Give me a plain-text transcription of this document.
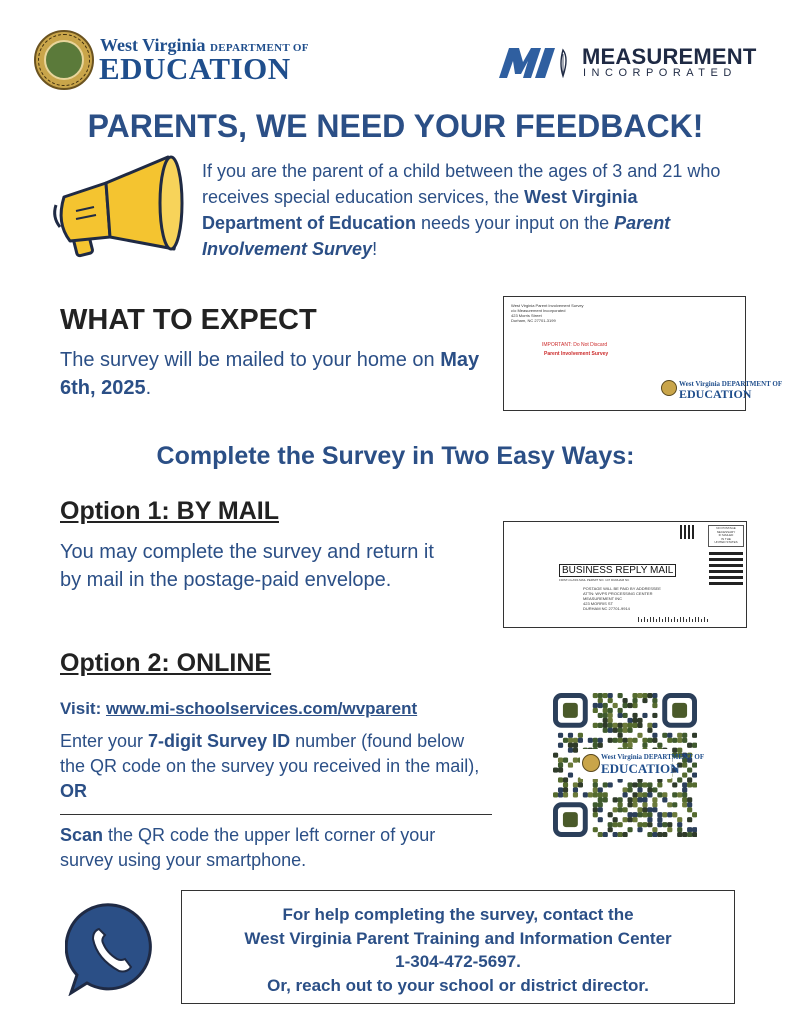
West Virginia DEPARTMENT OF
EDUCATION	MEASUREMENT
INCORPORATED
PARENTS, WE NEED YOUR FEEDBACK!
If you are the parent of a child between the ages of 3 and 21 who receives special education services, the West Virginia Department of Education needs your input on the Parent Involvement Survey!
WHAT TO EXPECT
The survey will be mailed to your home on May 6th, 2025.
West Virginia Parent Involvement Survey
c/o Measurement Incorporated
423 Morris Street
Durham, NC 27701-3199
IMPORTANT: Do Not Discard
Parent Involvement Survey
West Virginia DEPARTMENT OF
EDUCATION
Complete the Survey in Two Easy Ways:
Option 1: BY MAIL
You may complete the survey and return it by mail in the postage-paid envelope.
NO POSTAGE
NECESSARY
IF MAILED
IN THE
UNITED STATES
BUSINESS REPLY MAIL
FIRST-CLASS MAIL PERMIT NO. 147 DURHAM NC
POSTAGE WILL BE PAID BY ADDRESSEE
ATTN: WVPS PROCESSING CENTER
MEASUREMENT INC
423 MORRIS ST
DURHAM NC 27701-9914
Option 2: ONLINE
Visit: www.mi-schoolservices.com/wvparent
Enter your 7-digit Survey ID number (found below the QR code on the survey you received in the mail), OR
Scan the QR code the upper left corner of your survey using your smartphone.
West Virginia DEPARTMENT OF
EDUCATION
For help completing the survey, contact the
West Virginia Parent Training and Information Center
1-304-472-5697.
Or, reach out to your school or district director.
